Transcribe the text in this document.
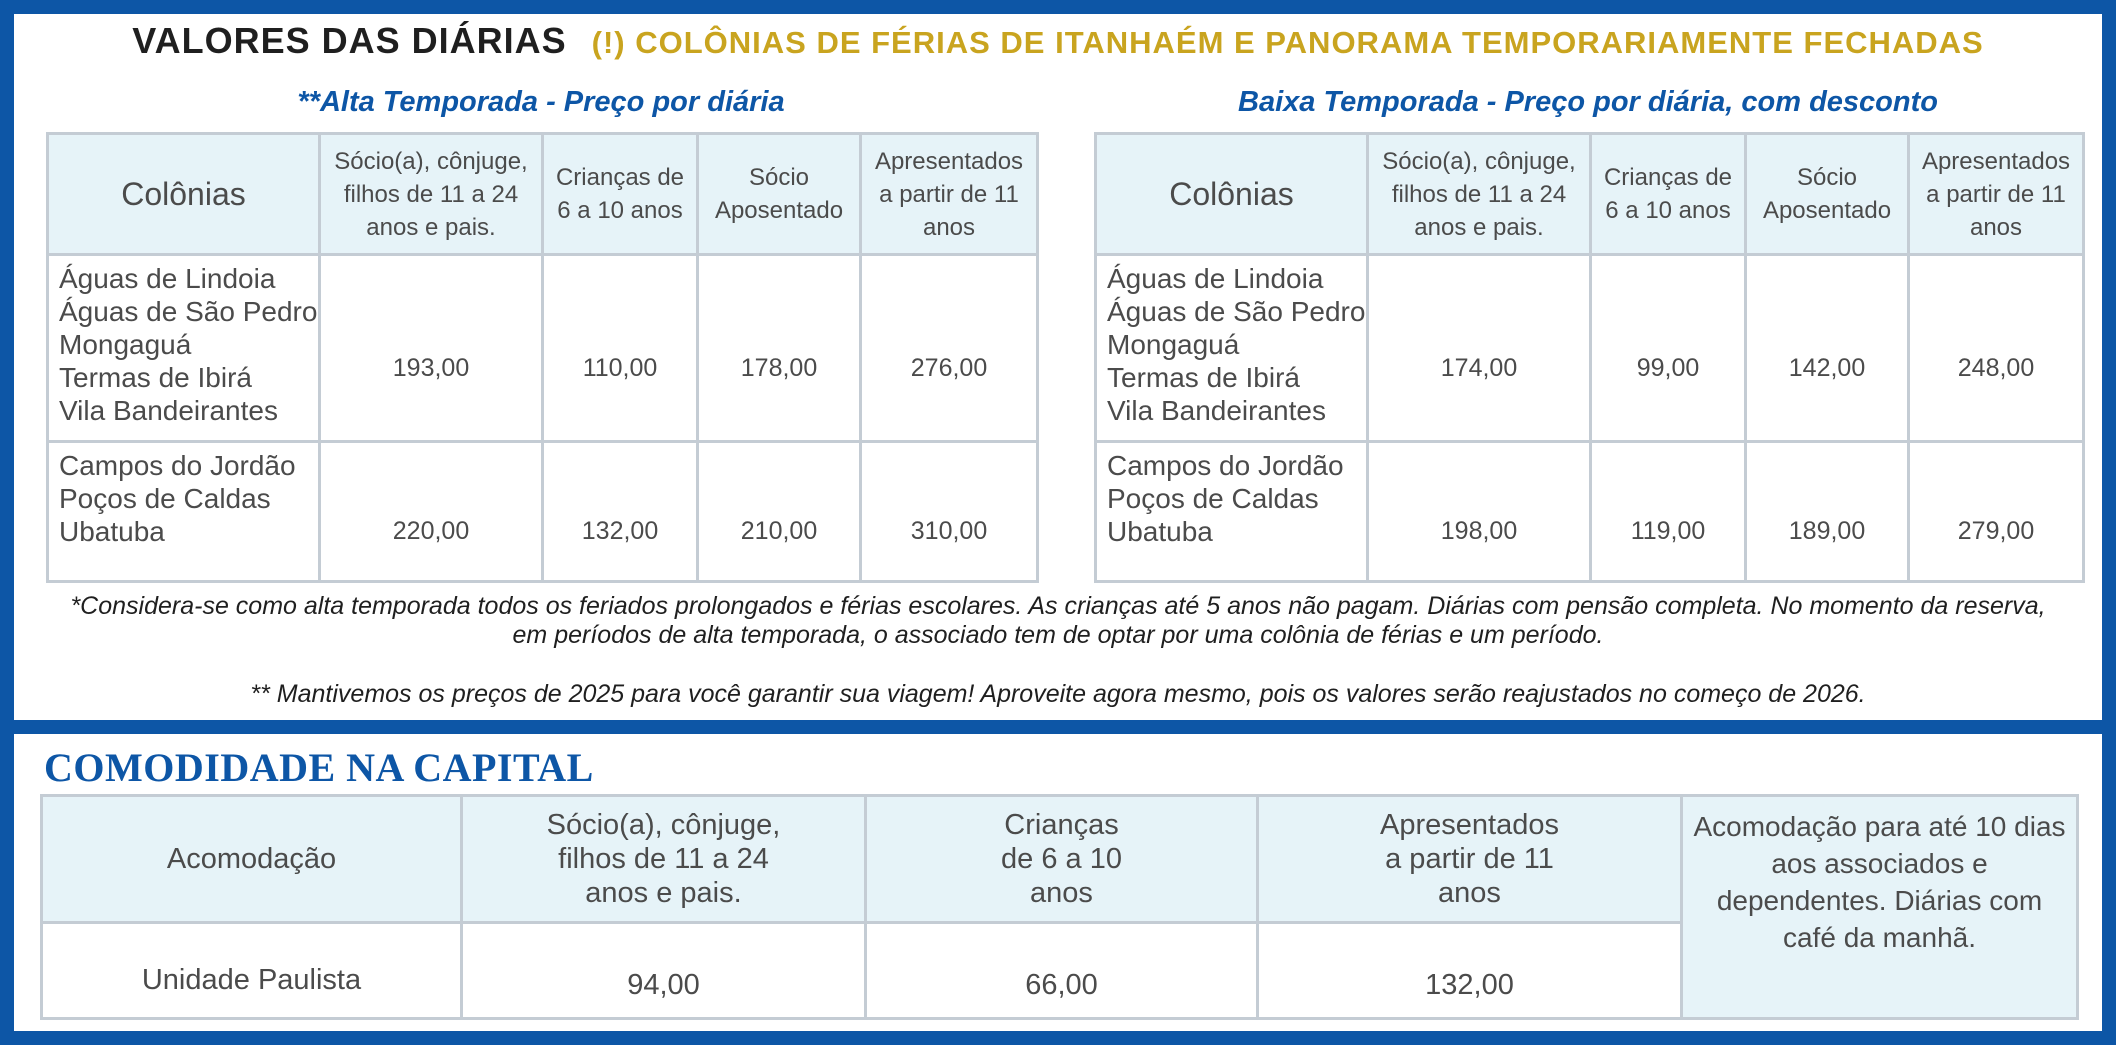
VALORES DAS DIÁRIAS (!) COLÔNIAS DE FÉRIAS DE ITANHAÉM E PANORAMA TEMPORARIAMENTE FECHADAS
**Alta Temporada - Preço por diária
Colônias	Sócio(a), cônjuge, filhos de 11 a 24 anos e pais.	Crianças de 6 a 10 anos	Sócio Aposentado	Apresentados a partir de 11 anos

Águas de Lindoia
Águas de São Pedro
Mongaguá
Termas de Ibirá
Vila Bandeirantes	193,00	110,00	178,00	276,00

Campos do Jordão
Poços de Caldas
Ubatuba	220,00	132,00	210,00	310,00
Baixa Temporada - Preço por diária, com desconto
Colônias	Sócio(a), cônjuge, filhos de 11 a 24 anos e pais.	Crianças de 6 a 10 anos	Sócio Aposentado	Apresentados a partir de 11 anos

Águas de Lindoia
Águas de São Pedro
Mongaguá
Termas de Ibirá
Vila Bandeirantes	174,00	99,00	142,00	248,00

Campos do Jordão
Poços de Caldas
Ubatuba	198,00	119,00	189,00	279,00
*Considera-se como alta temporada todos os feriados prolongados e férias escolares. As crianças até 5 anos não pagam. Diárias com pensão completa. No momento da reserva, em períodos de alta temporada, o associado tem de optar por uma colônia de férias e um período.
** Mantivemos os preços de 2025 para você garantir sua viagem! Aproveite agora mesmo, pois os valores serão reajustados no começo de 2026.
COMODIDADE NA CAPITAL
Acomodação	Sócio(a), cônjuge, filhos de 11 a 24 anos e pais.	Crianças de 6 a 10 anos	Apresentados a partir de 11 anos	Acomodação para até 10 dias aos associados e dependentes. Diárias com café da manhã.
Unidade Paulista	94,00	66,00	132,00	
